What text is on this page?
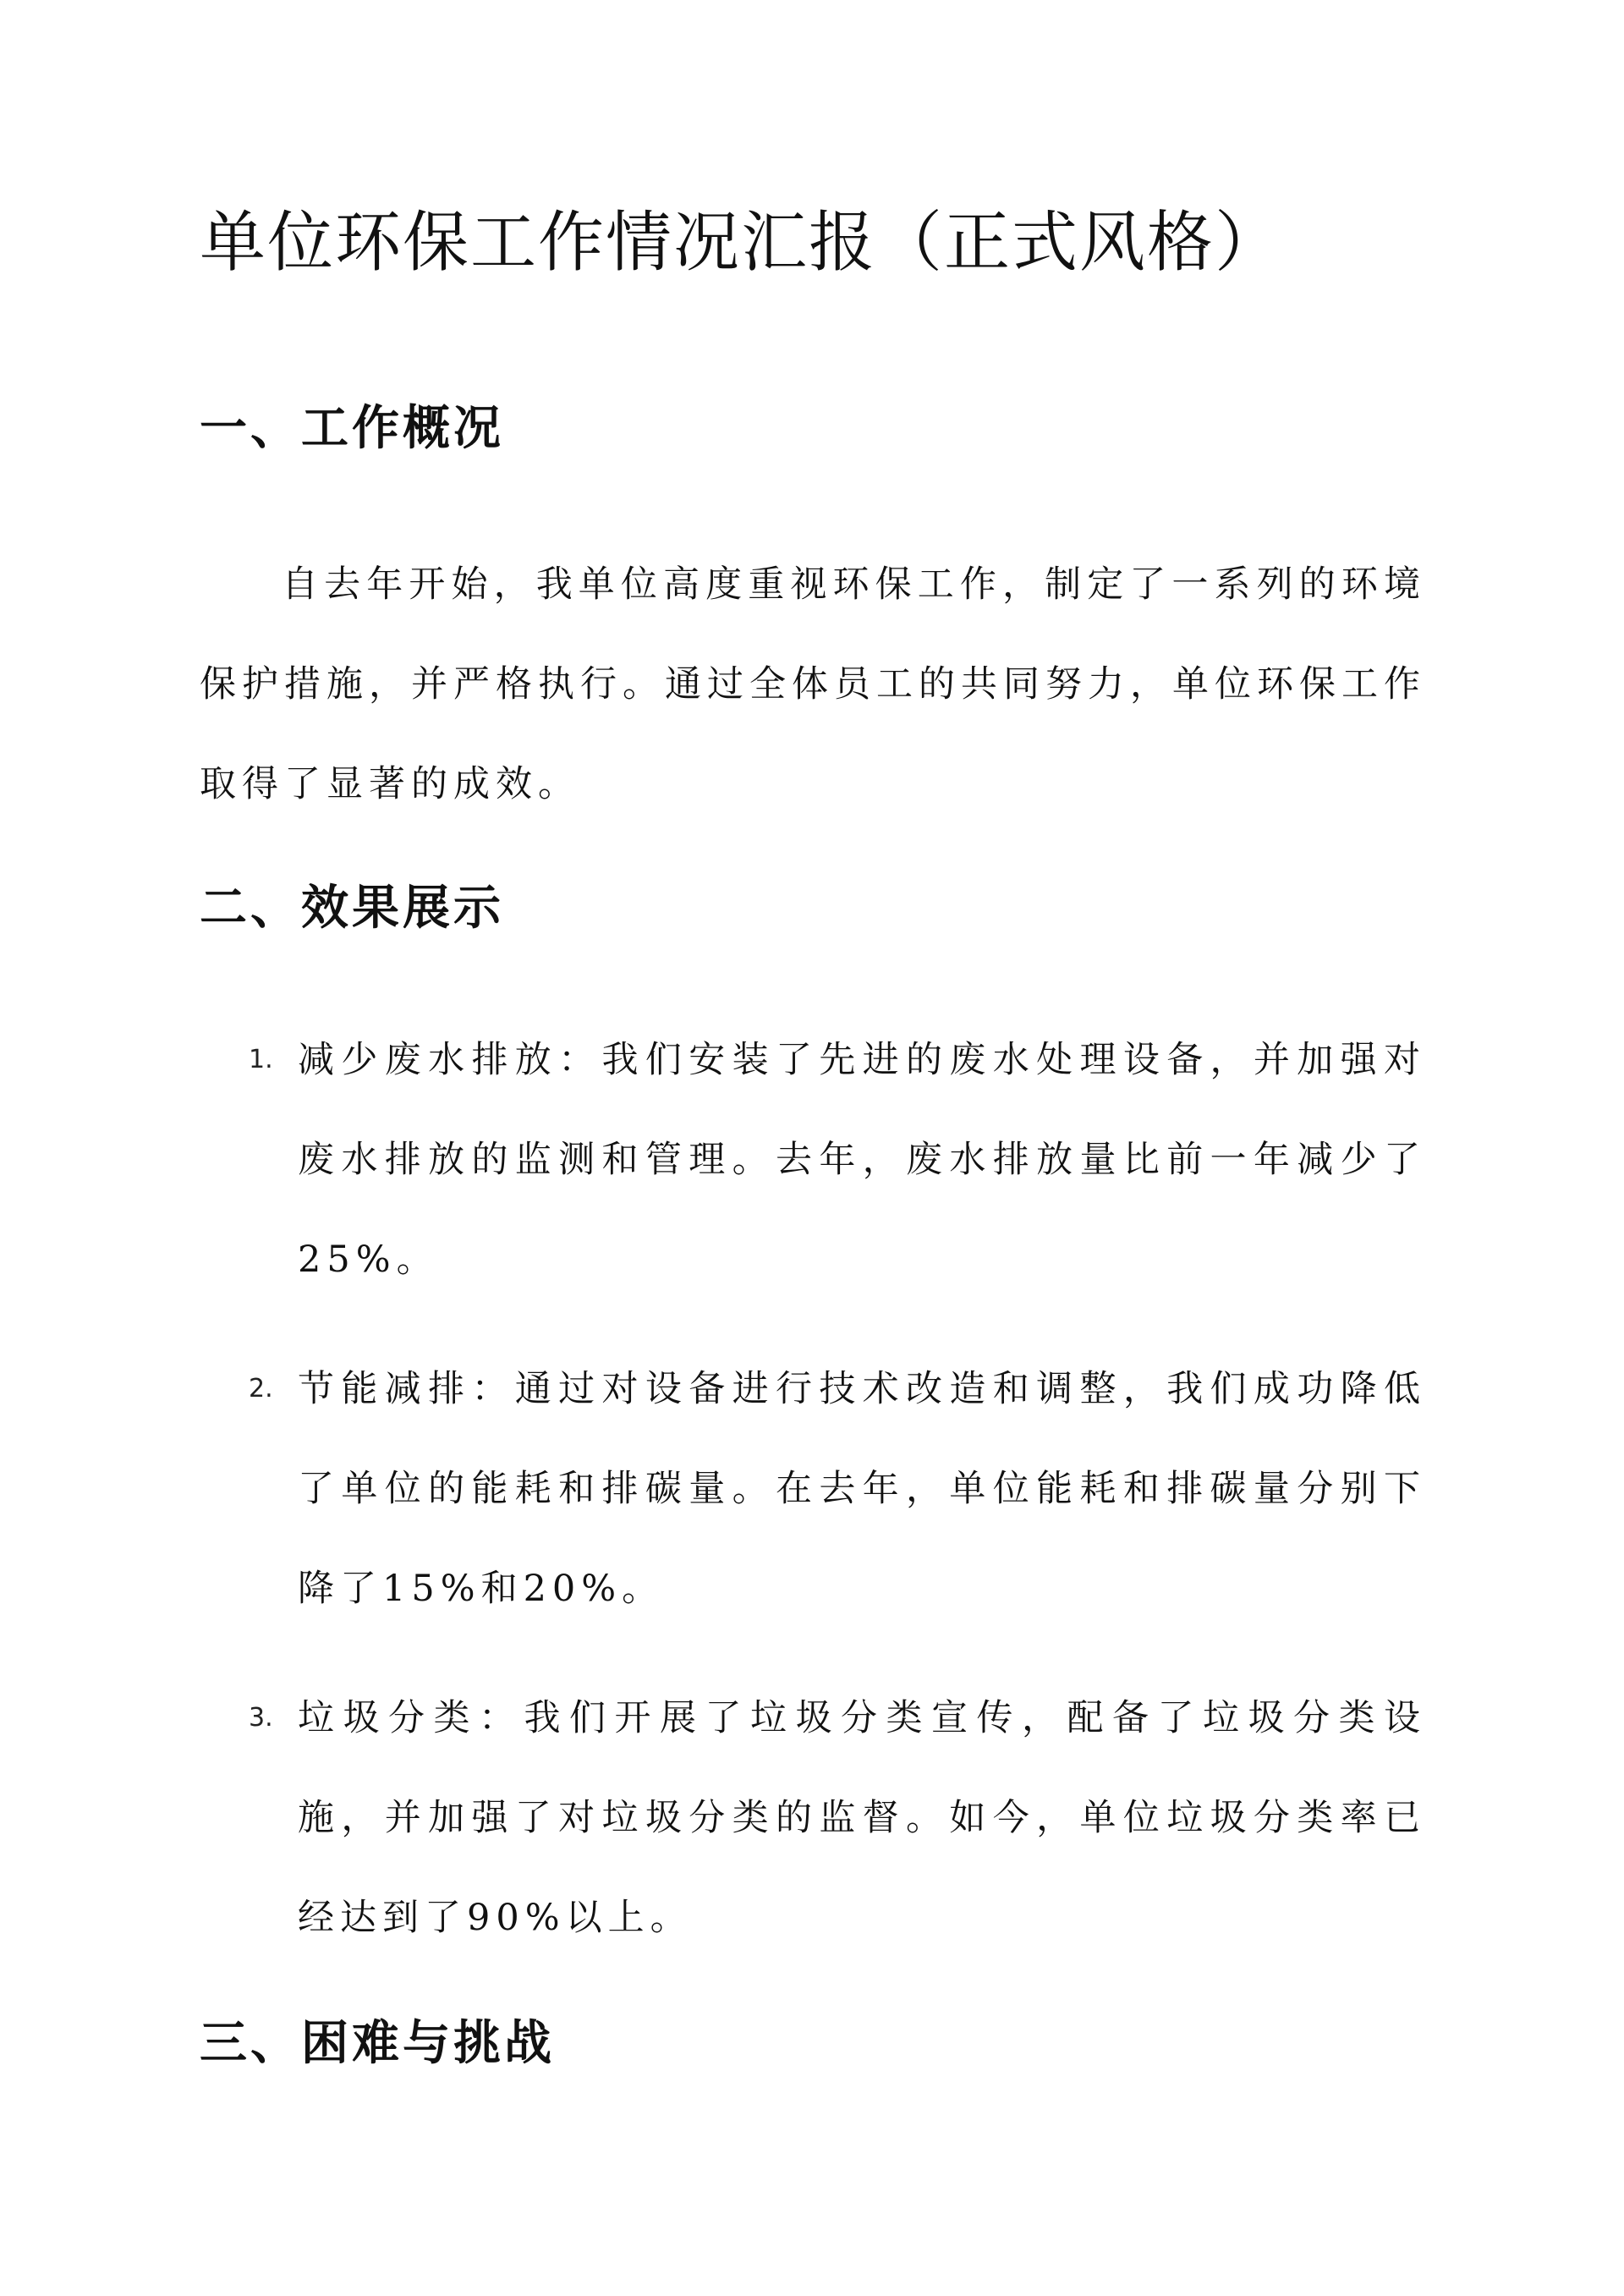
单位环保工作情况汇报（正式风格）
一、工作概况

自去年开始，我单位高度重视环保工作，制定了一系列的环境保护措施，并严格执行。通过全体员工的共同努力，单位环保工作取得了显著的成效。

二、效果展示
1. 减少废水排放：我们安装了先进的废水处理设备，并加强对废水排放的监测和管理。去年，废水排放量比前一年减少了25%。

2. 节能减排：通过对设备进行技术改造和调整，我们成功降低了单位的能耗和排碳量。在去年，单位能耗和排碳量分别下降了15%和20%。

3. 垃圾分类：我们开展了垃圾分类宣传，配备了垃圾分类设施，并加强了对垃圾分类的监督。如今，单位垃圾分类率已经达到了90%以上。

三、困难与挑战
